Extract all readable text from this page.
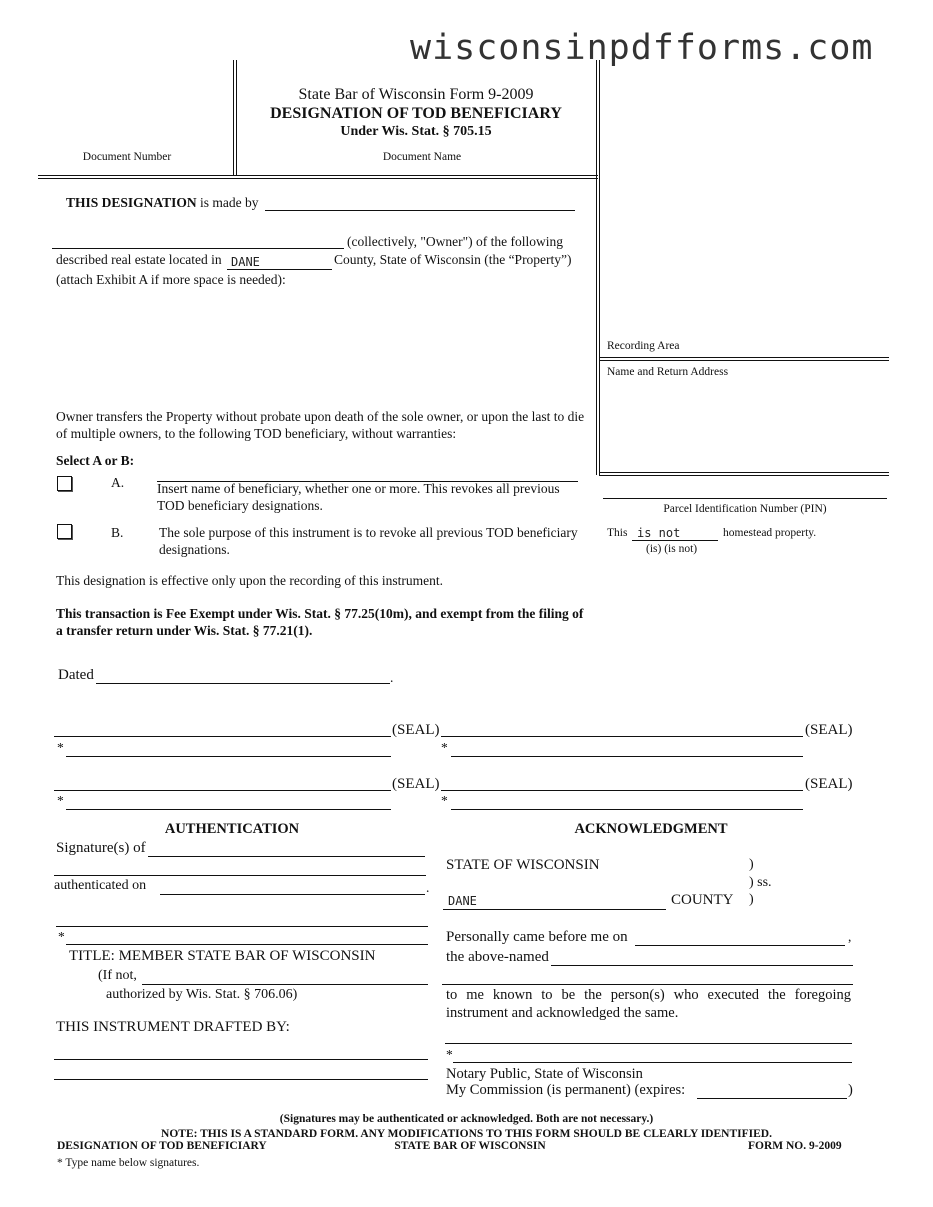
wisconsinpdfforms.com
State Bar of Wisconsin Form 9-2009
DESIGNATION OF TOD BENEFICIARY
Under Wis. Stat. § 705.15
Document Number	Document Name
Recording Area
Name and Return Address
Parcel Identification Number (PIN)
This is not	homestead property.
(is) (is not)
THIS DESIGNATION is made by
(collectively, "Owner") of the following
described real estate located in DANE	County, State of Wisconsin (the “Property”)
(attach Exhibit A if more space is needed):
Owner transfers the Property without probate upon death of the sole owner, or upon the last to die of multiple owners, to the following TOD beneficiary, without warranties:
Select A or B:
A. Insert name of beneficiary, whether one or more. This revokes all previous TOD beneficiary designations.
B.	The sole purpose of this instrument is to revoke all previous TOD beneficiary designations.
This designation is effective only upon the recording of this instrument.
This transaction is Fee Exempt under Wis. Stat. § 77.25(10m), and exempt from the filing of a transfer return under Wis. Stat. § 77.21(1).
Dated	.
(SEAL)	(SEAL)
*	*
(SEAL)	(SEAL)
*	*
AUTHENTICATION
Signature(s) of
authenticated on	.
*
TITLE: MEMBER STATE BAR OF WISCONSIN
(If not,
authorized by Wis. Stat. § 706.06)
THIS INSTRUMENT DRAFTED BY:
ACKNOWLEDGMENT
STATE OF WISCONSIN	)
) ss.
DANE	COUNTY )
Personally came before me on	,
the above-named
to me known to be the person(s) who executed the foregoing instrument and acknowledged the same.
*
Notary Public, State of Wisconsin
My Commission (is permanent) (expires:	)
(Signatures may be authenticated or acknowledged. Both are not necessary.)
NOTE: THIS IS A STANDARD FORM. ANY MODIFICATIONS TO THIS FORM SHOULD BE CLEARLY IDENTIFIED.
DESIGNATION OF TOD BENEFICIARY	STATE BAR OF WISCONSIN	FORM NO. 9-2009
* Type name below signatures.
